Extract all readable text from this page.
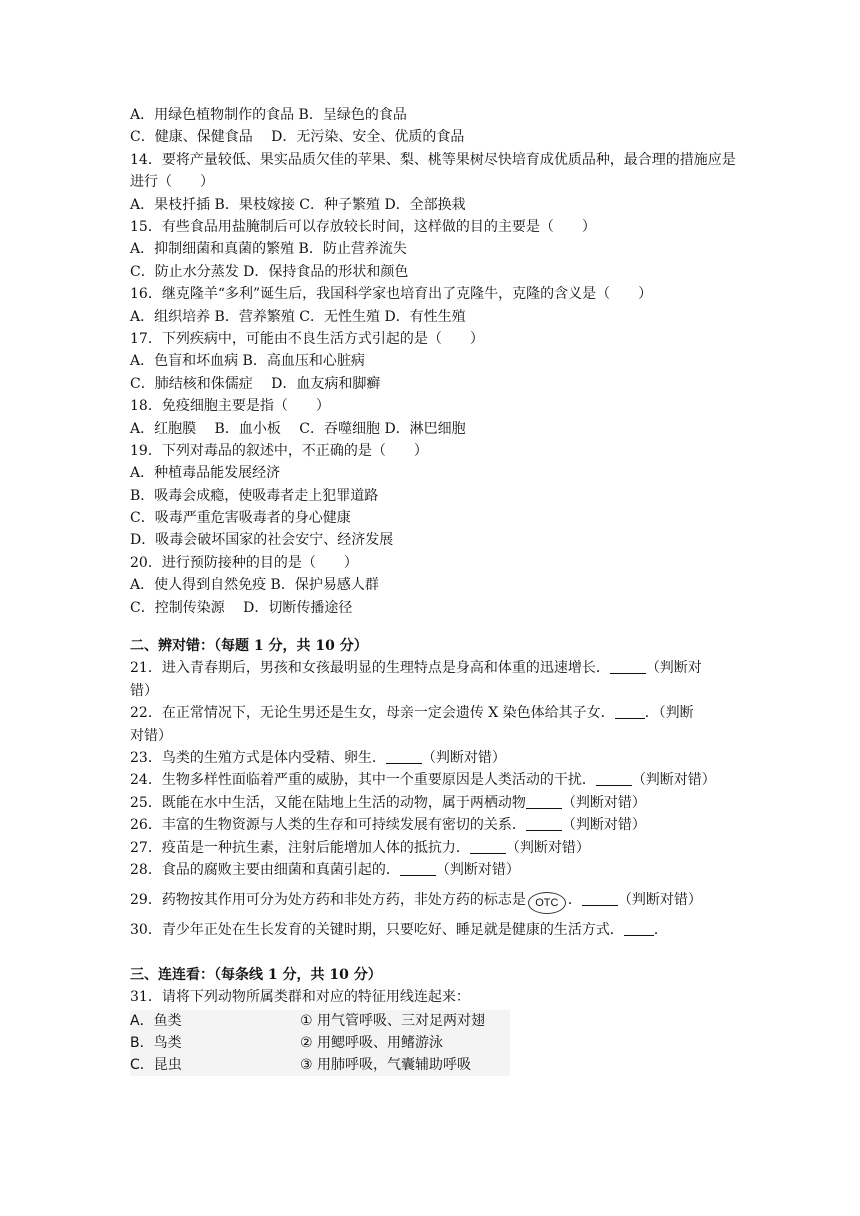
A．用绿色植物制作的食品 B．呈绿色的食品
C．健康、保健食品　 D．无污染、安全、优质的食品
14．要将产量较低、果实品质欠佳的苹果、梨、桃等果树尽快培育成优质品种，最合理的措施应是进行（　　）
A．果枝扦插 B．果枝嫁接 C．种子繁殖 D．全部换栽
15．有些食品用盐腌制后可以存放较长时间，这样做的目的主要是（　　）
A．抑制细菌和真菌的繁殖 B．防止营养流失
C．防止水分蒸发 D．保持食品的形状和颜色
16．继克隆羊“多利”诞生后，我国科学家也培育出了克隆牛，克隆的含义是（　　）
A．组织培养 B．营养繁殖 C．无性生殖 D．有性生殖
17．下列疾病中，可能由不良生活方式引起的是（　　）
A．色盲和坏血病 B．高血压和心脏病
C．肺结核和侏儒症　 D．血友病和脚癣
18．免疫细胞主要是指（　　）
A．红胞膜　 B．血小板　 C．吞噬细胞 D．淋巴细胞
19．下列对毒品的叙述中，不正确的是（　　）
A．种植毒品能发展经济
B．吸毒会成瘾，使吸毒者走上犯罪道路
C．吸毒严重危害吸毒者的身心健康
D．吸毒会破坏国家的社会安宁、经济发展
20．进行预防接种的目的是（　　）
A．使人得到自然免疫 B．保护易感人群
C．控制传染源　 D．切断传播途径
二、辨对错：（每题 1 分，共 10 分）
21．进入青春期后，男孩和女孩最明显的生理特点是身高和体重的迅速增长．	（判断对
错）
22．在正常情况下，无论生男还是生女，母亲一定会遗传 X 染色体给其子女． ．（判断
对错）
23．鸟类的生殖方式是体内受精、卵生．	（判断对错）
24．生物多样性面临着严重的威胁，其中一个重要原因是人类活动的干扰．	（判断对错）
25．既能在水中生活，又能在陆地上生活的动物，属于两栖动物	（判断对错）
26．丰富的生物资源与人类的生存和可持续发展有密切的关系．	（判断对错）
27．疫苗是一种抗生素，注射后能增加人体的抵抗力．	（判断对错）
28．食品的腐败主要由细菌和真菌引起的．	（判断对错）
29．药物按其作用可分为处方药和非处方药，非处方药的标志是 OTC ．	（判断对错）
30．青少年正处在生长发育的关键时期，只要吃好、睡足就是健康的生活方式． ．
三、连连看：（每条线 1 分，共 10 分）
31．请将下列动物所属类群和对应的特征用线连起来：
A．鱼类	① 用气管呼吸、三对足两对翅
B．鸟类	② 用鳃呼吸、用鳍游泳
C．昆虫	③ 用肺呼吸，气囊辅助呼吸
